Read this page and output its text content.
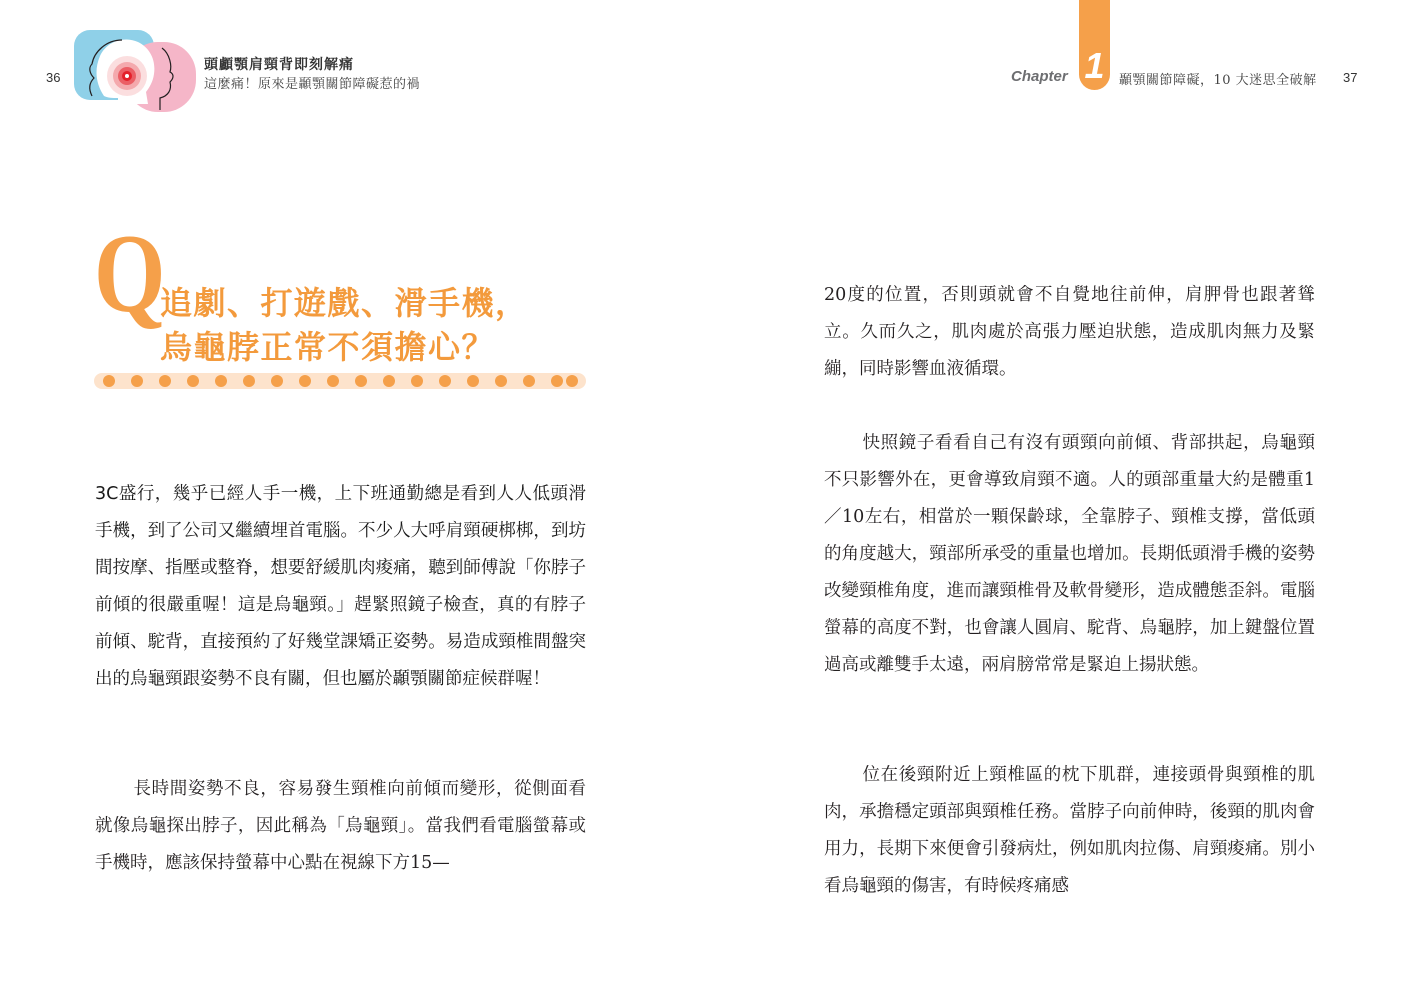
36
頭顱顎肩頸背即刻解痛
這麼痛！原來是顳顎關節障礙惹的禍
Q
追劇、打遊戲、滑手機，
烏龜脖正常不須擔心？

3C盛行，幾乎已經人手一機，上下班通勤總是看到人人低頭滑手機，到了公司又繼續埋首電腦。不少人大呼肩頸硬梆梆，到坊間按摩、指壓或整脊，想要舒緩肌肉痠痛，聽到師傅說「你脖子前傾的很嚴重喔！這是烏龜頸。」趕緊照鏡子檢查，真的有脖子前傾、駝背，直接預約了好幾堂課矯正姿勢。易造成頸椎間盤突出的烏龜頸跟姿勢不良有關，但也屬於顳顎關節症候群喔！

長時間姿勢不良，容易發生頸椎向前傾而變形，從側面看就像烏龜探出脖子，因此稱為「烏龜頸」。當我們看電腦螢幕或手機時，應該保持螢幕中心點在視線下方15—

1
Chapter	顳顎關節障礙，10 大迷思全破解 37

20度的位置，否則頭就會不自覺地往前伸，肩胛骨也跟著聳立。久而久之，肌肉處於高張力壓迫狀態，造成肌肉無力及緊繃，同時影響血液循環。

快照鏡子看看自己有沒有頭頸向前傾、背部拱起，烏龜頸不只影響外在，更會導致肩頸不適。人的頭部重量大約是體重1／10左右，相當於一顆保齡球，全靠脖子、頸椎支撐，當低頭的角度越大，頸部所承受的重量也增加。長期低頭滑手機的姿勢改變頸椎角度，進而讓頸椎骨及軟骨變形，造成體態歪斜。電腦螢幕的高度不對，也會讓人圓肩、駝背、烏龜脖，加上鍵盤位置過高或離雙手太遠，兩肩膀常常是緊迫上揚狀態。

位在後頸附近上頸椎區的枕下肌群，連接頭骨與頸椎的肌肉，承擔穩定頭部與頸椎任務。當脖子向前伸時，後頸的肌肉會用力，長期下來便會引發病灶，例如肌肉拉傷、肩頸痠痛。別小看烏龜頸的傷害，有時候疼痛感
